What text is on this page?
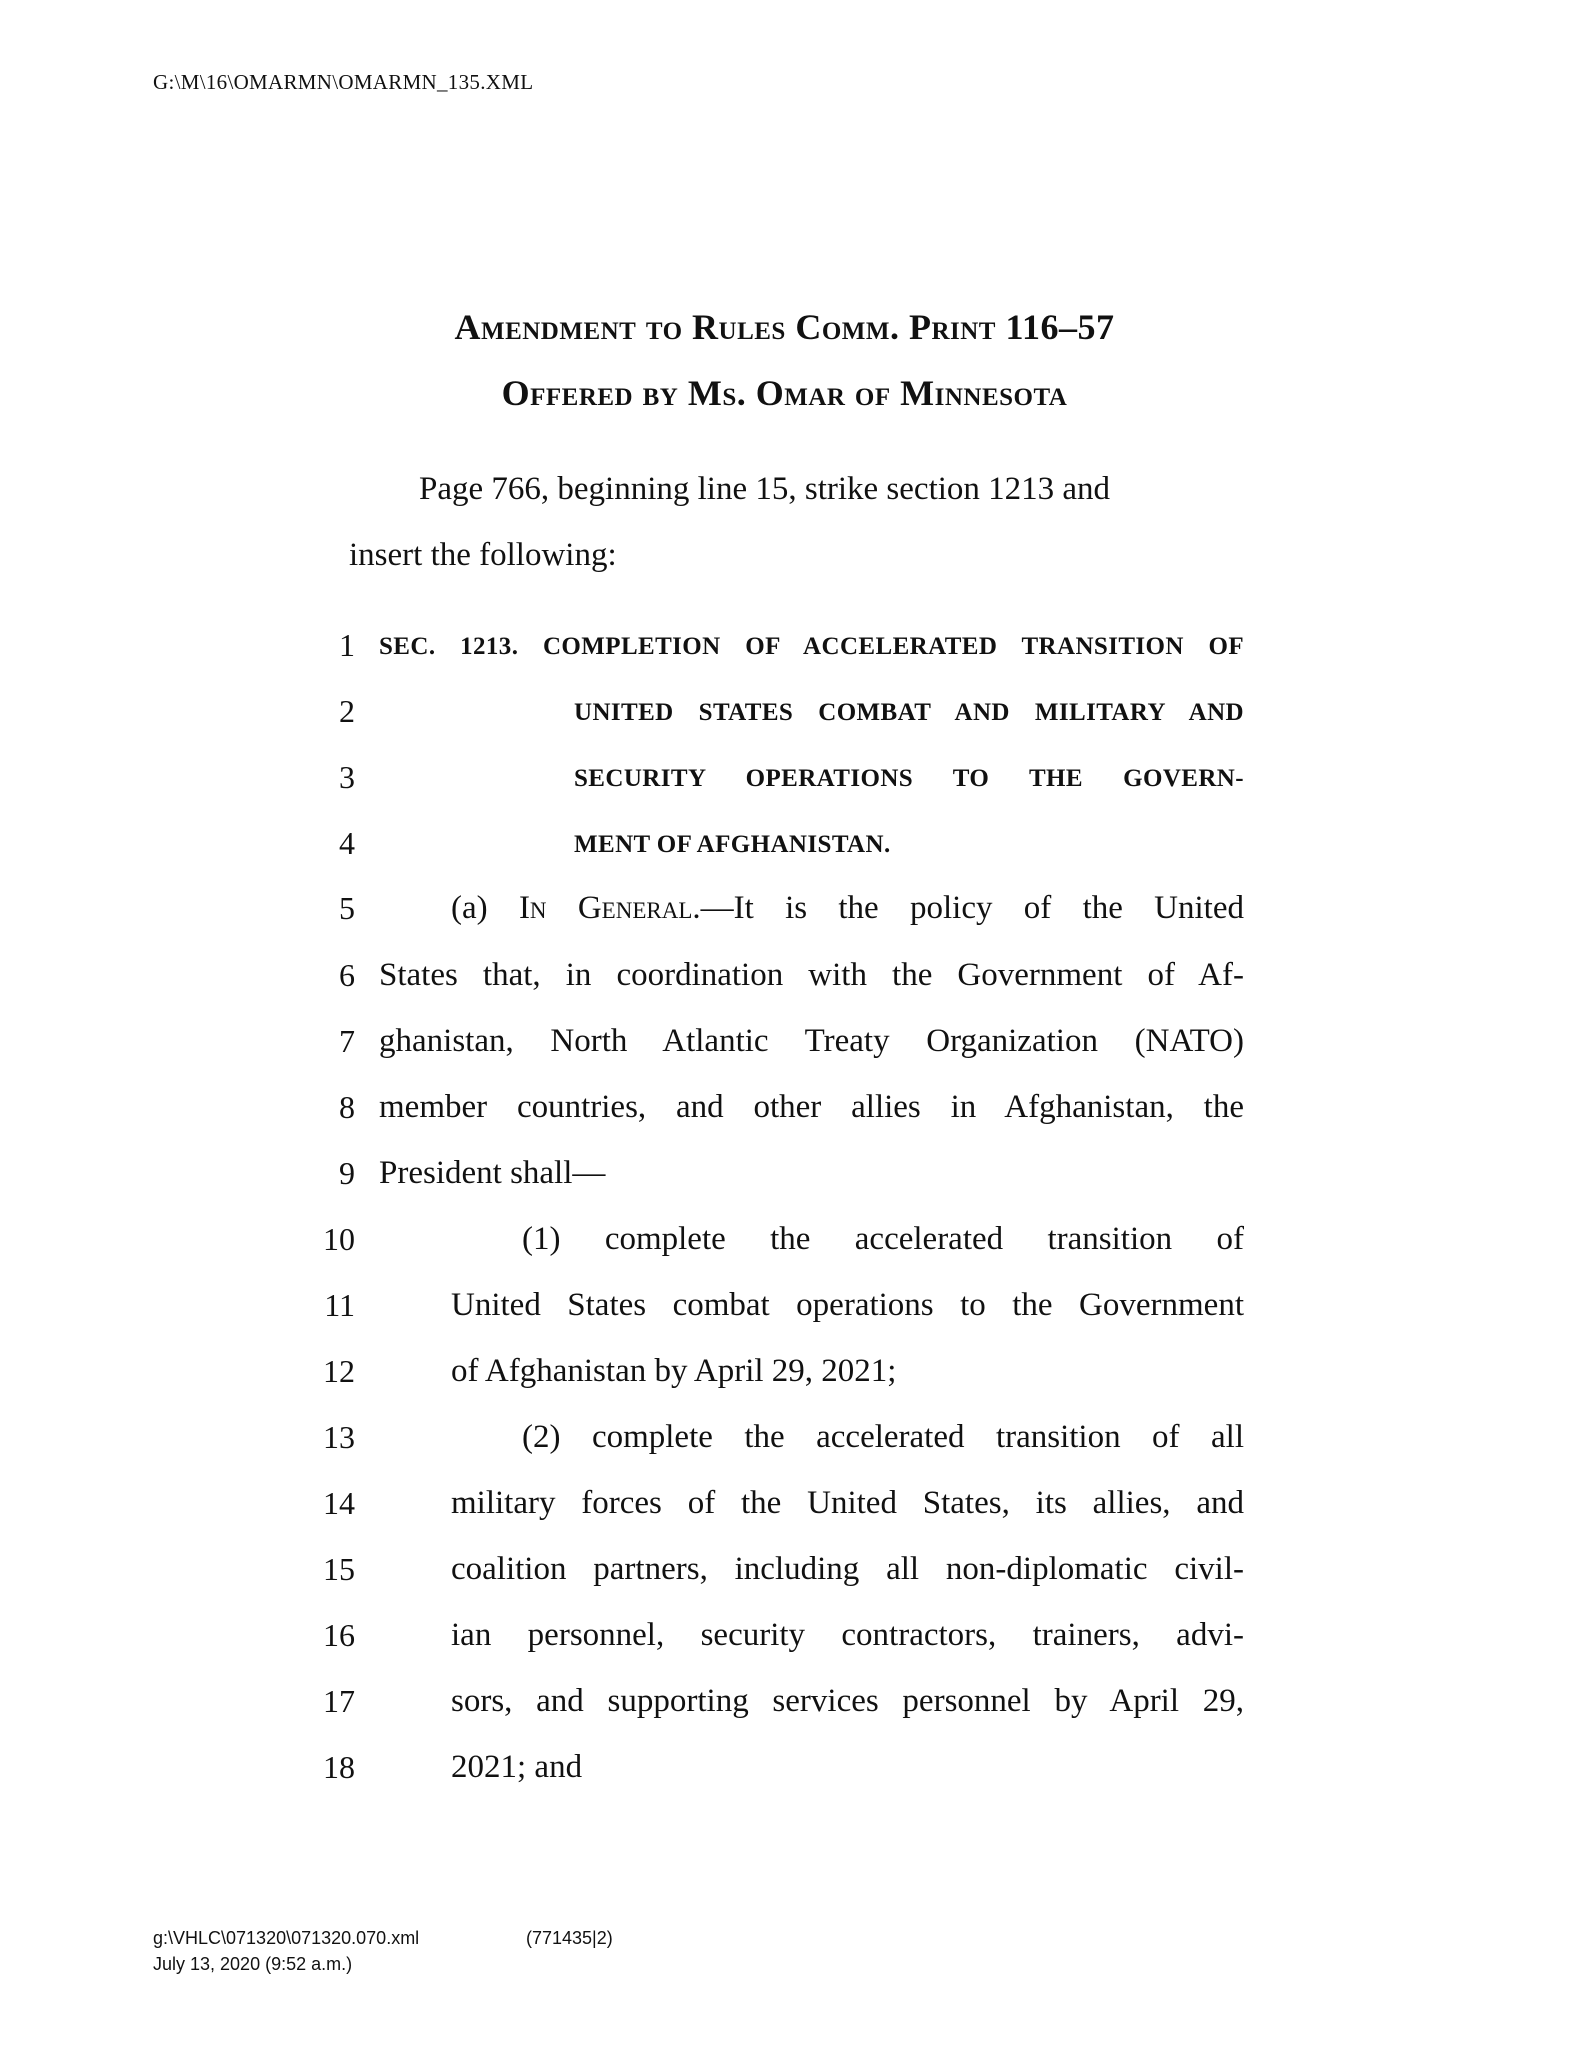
G:\M\16\OMARMN\OMARMN_135.XML
Amendment to Rules Comm. Print 116–57
Offered by Ms. Omar of Minnesota
Page 766, beginning line 15, strike section 1213 and
insert the following:
1 SEC. 1213. COMPLETION OF ACCELERATED TRANSITION OF
2	UNITED STATES COMBAT AND MILITARY AND
3	SECURITY OPERATIONS TO THE GOVERN-
4	MENT OF AFGHANISTAN.
5	(a) In General.—It is the policy of the United
6 States that, in coordination with the Government of Af-
7 ghanistan, North Atlantic Treaty Organization (NATO)
8 member countries, and other allies in Afghanistan, the
9 President shall—
10	(1) complete the accelerated transition of
11	United States combat operations to the Government
12	of Afghanistan by April 29, 2021;
13	(2) complete the accelerated transition of all
14	military forces of the United States, its allies, and
15	coalition partners, including all non-diplomatic civil-
16	ian personnel, security contractors, trainers, advi-
17	sors, and supporting services personnel by April 29,
18	2021; and
g:\VHLC\071320\071320.070.xml	(771435|2)
July 13, 2020 (9:52 a.m.)
